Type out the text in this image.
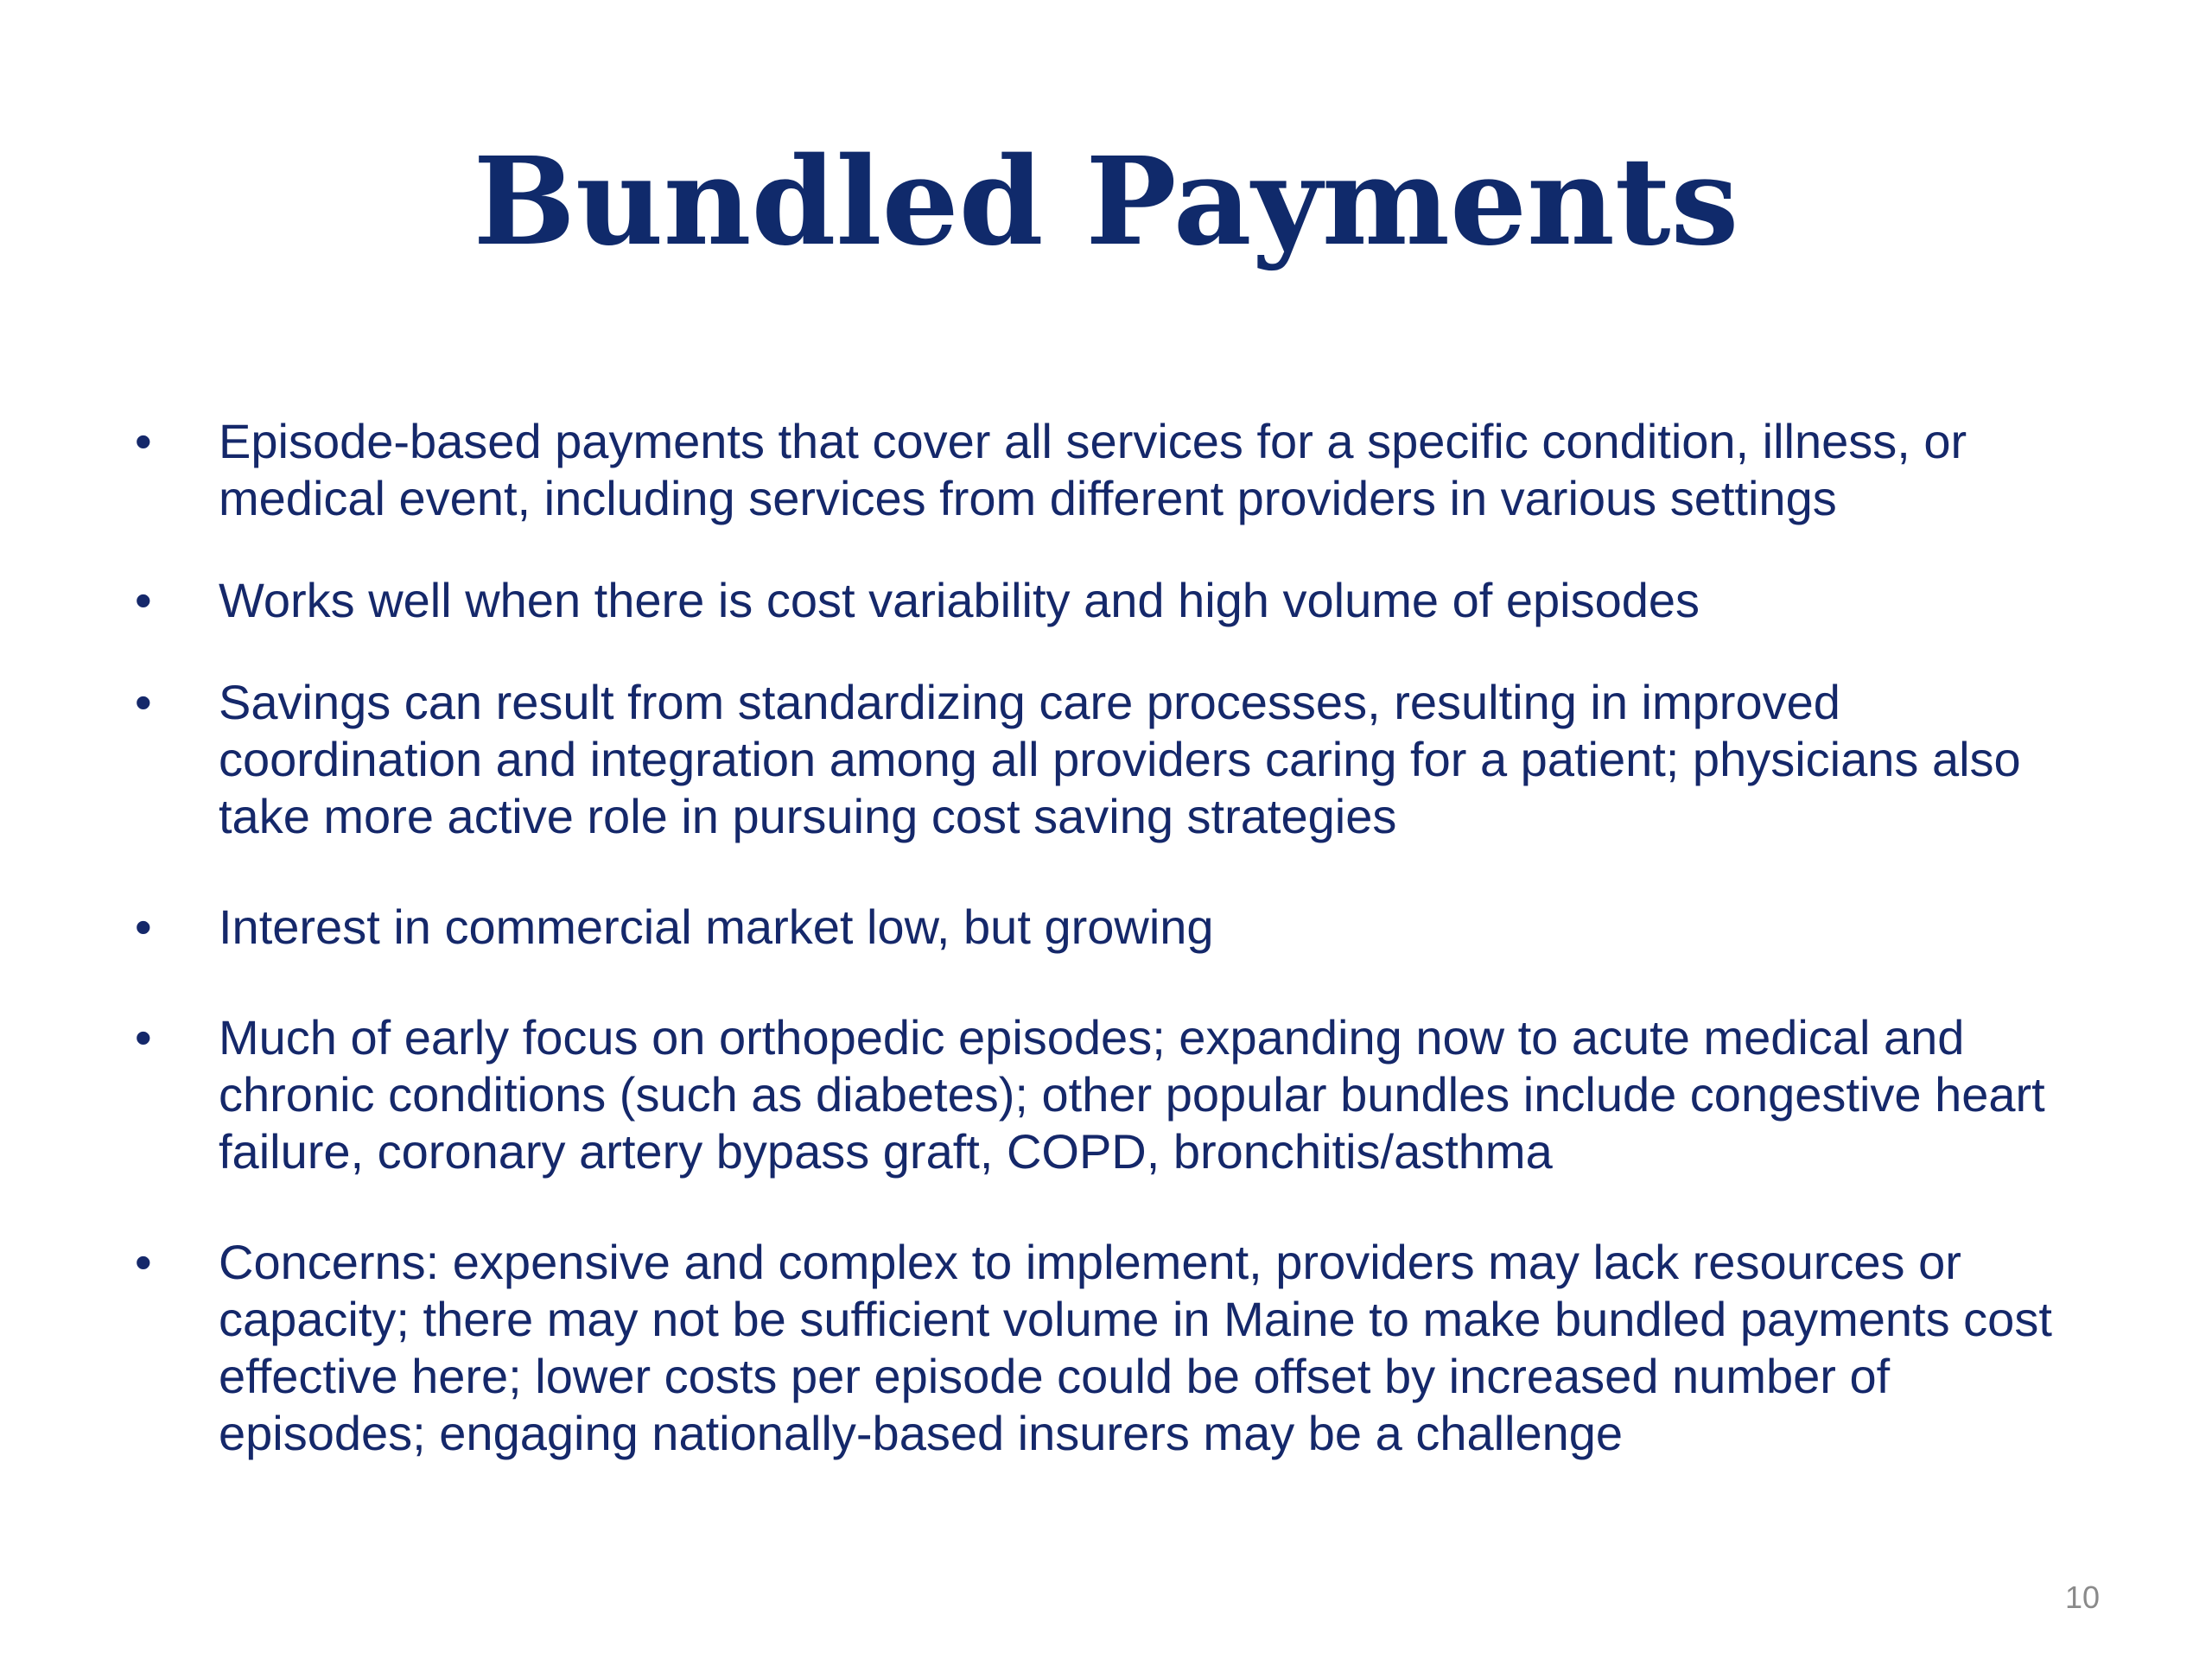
Bundled Payments
•	Episode-based payments that cover all services for a specific condition, illness, or medical event, including services from different providers in various settings
•	Works well when there is cost variability and high volume of episodes
•	Savings can result from standardizing care processes, resulting in improved coordination and integration among all providers caring for a patient; physicians also take more active role in pursuing cost saving strategies
•	Interest in commercial market low, but growing
•	Much of early focus on orthopedic episodes; expanding now to acute medical and chronic conditions (such as diabetes); other popular bundles include congestive heart failure, coronary artery bypass graft, COPD, bronchitis/asthma
•	Concerns: expensive and complex to implement, providers may lack resources or capacity; there may not be sufficient volume in Maine to make bundled payments cost effective here; lower costs per episode could be offset by increased number of episodes; engaging nationally-based insurers may be a challenge
10
